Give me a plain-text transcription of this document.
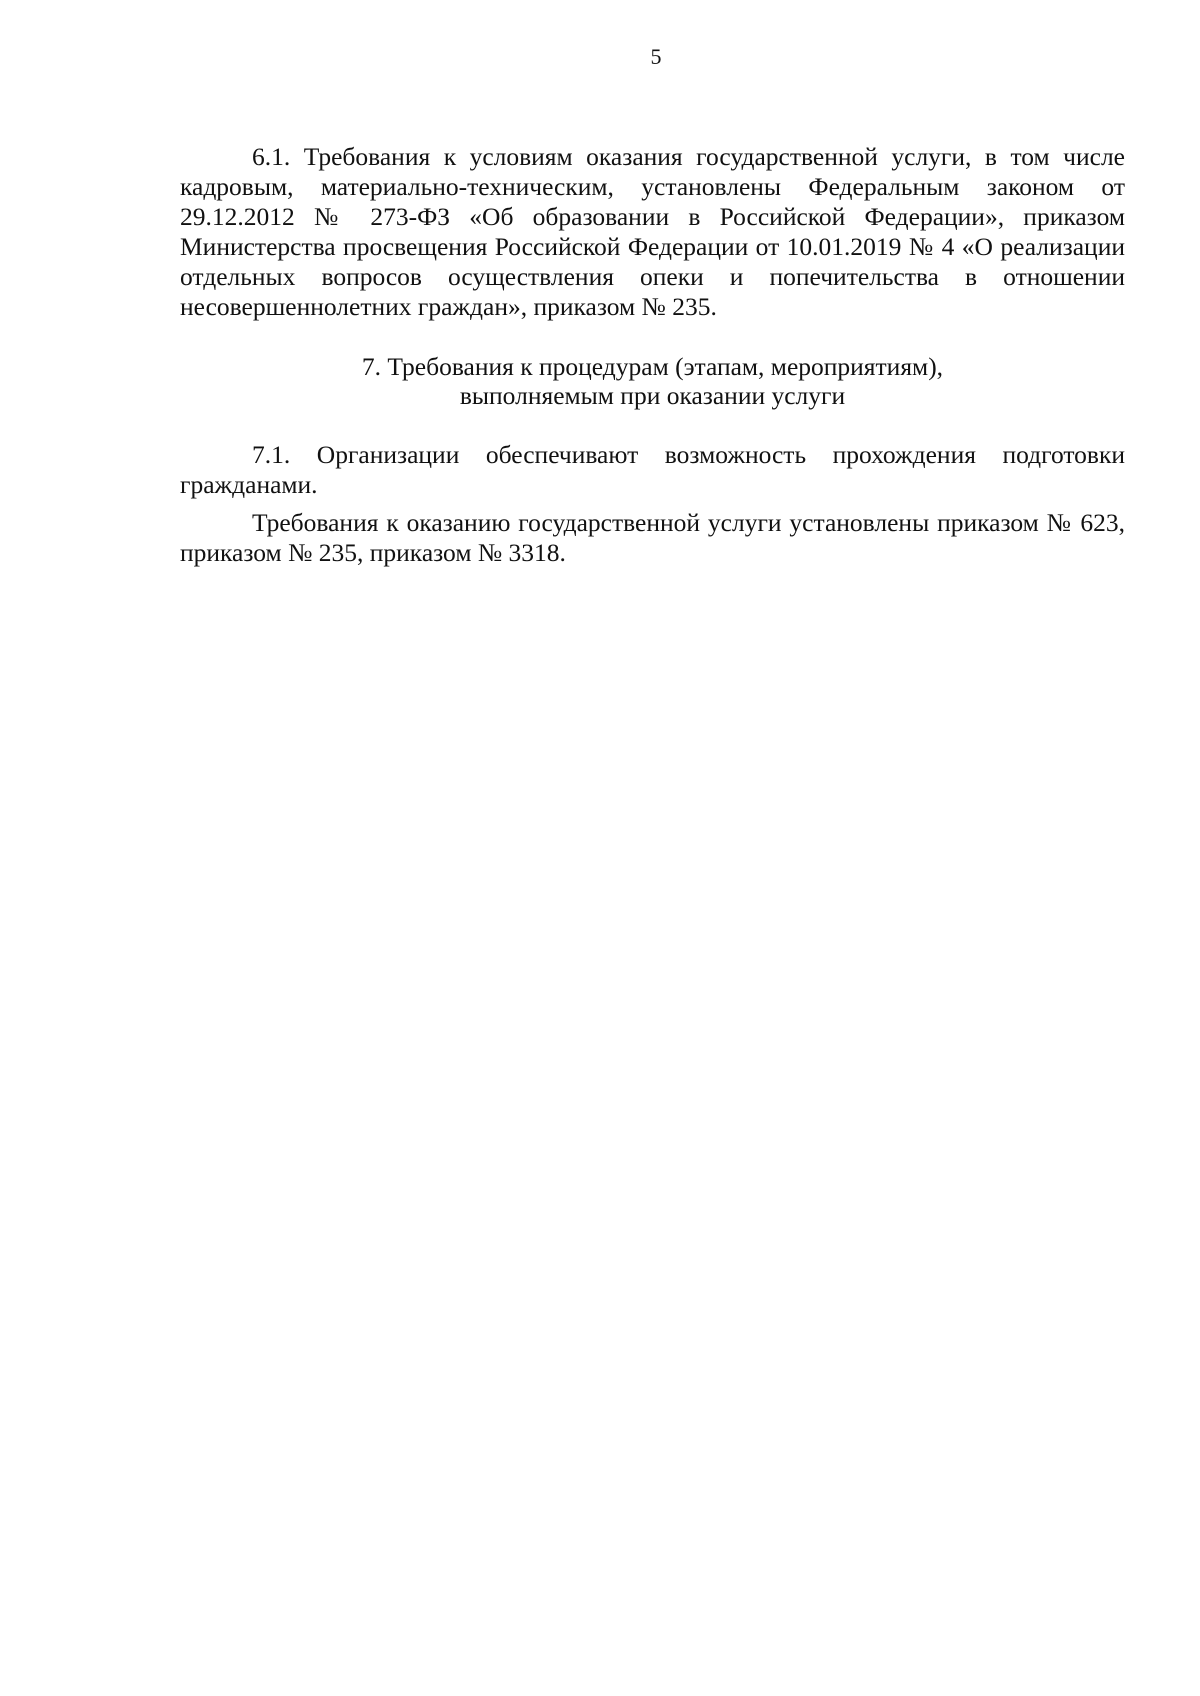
5

6.1. Требования к условиям оказания государственной услуги, в том числе кадровым, материально-техническим, установлены Федеральным законом от 29.12.2012 № 273-ФЗ «Об образовании в Российской Федерации», приказом Министерства просвещения Российской Федерации от 10.01.2019 № 4 «О реализации отдельных вопросов осуществления опеки и попечительства в отношении несовершеннолетних граждан», приказом № 235.

7. Требования к процедурам (этапам, мероприятиям),
выполняемым при оказании услуги

7.1. Организации обеспечивают возможность прохождения подготовки гражданами.

Требования к оказанию государственной услуги установлены приказом № 623, приказом № 235, приказом № 3318.
